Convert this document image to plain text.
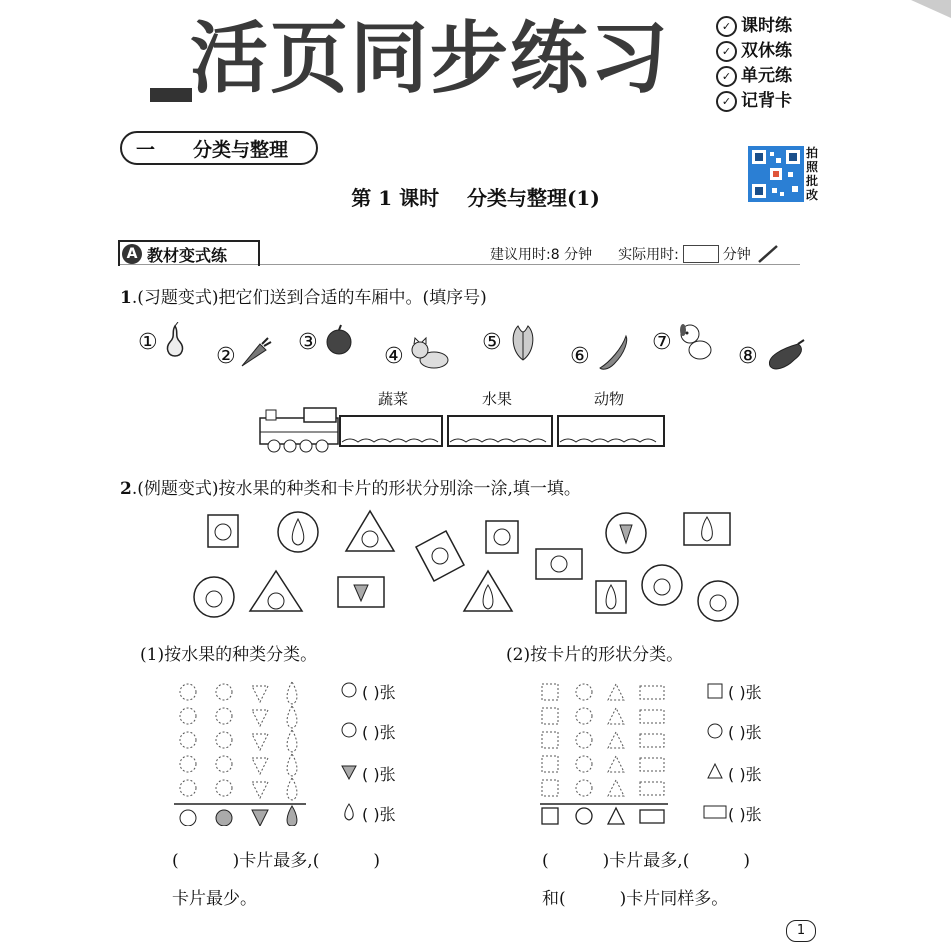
活页同步练习	✓ 课时练
✓ 双休练
✓ 单元练
✓ 记背卡
一 分类与整理	拍照批改
第 1 课时 分类与整理(1)
A 教材变式练	建议用时:8 分钟 实际用时:	分钟
1.(习题变式)把它们送到合适的车厢中。(填序号)
①
②
③
④
⑤
⑥
⑦
⑧
蔬菜	水果	动物
2.(例题变式)按水果的种类和卡片的形状分别涂一涂,填一填。
(1)按水果的种类分类。	(2)按卡片的形状分类。
( )张
( )张
( )张
( )张
( )张
( )张
( )张
( )张
(          )卡片最多,(          )
卡片最少。
(          )卡片最多,(          )
和(          )卡片同样多。
1
